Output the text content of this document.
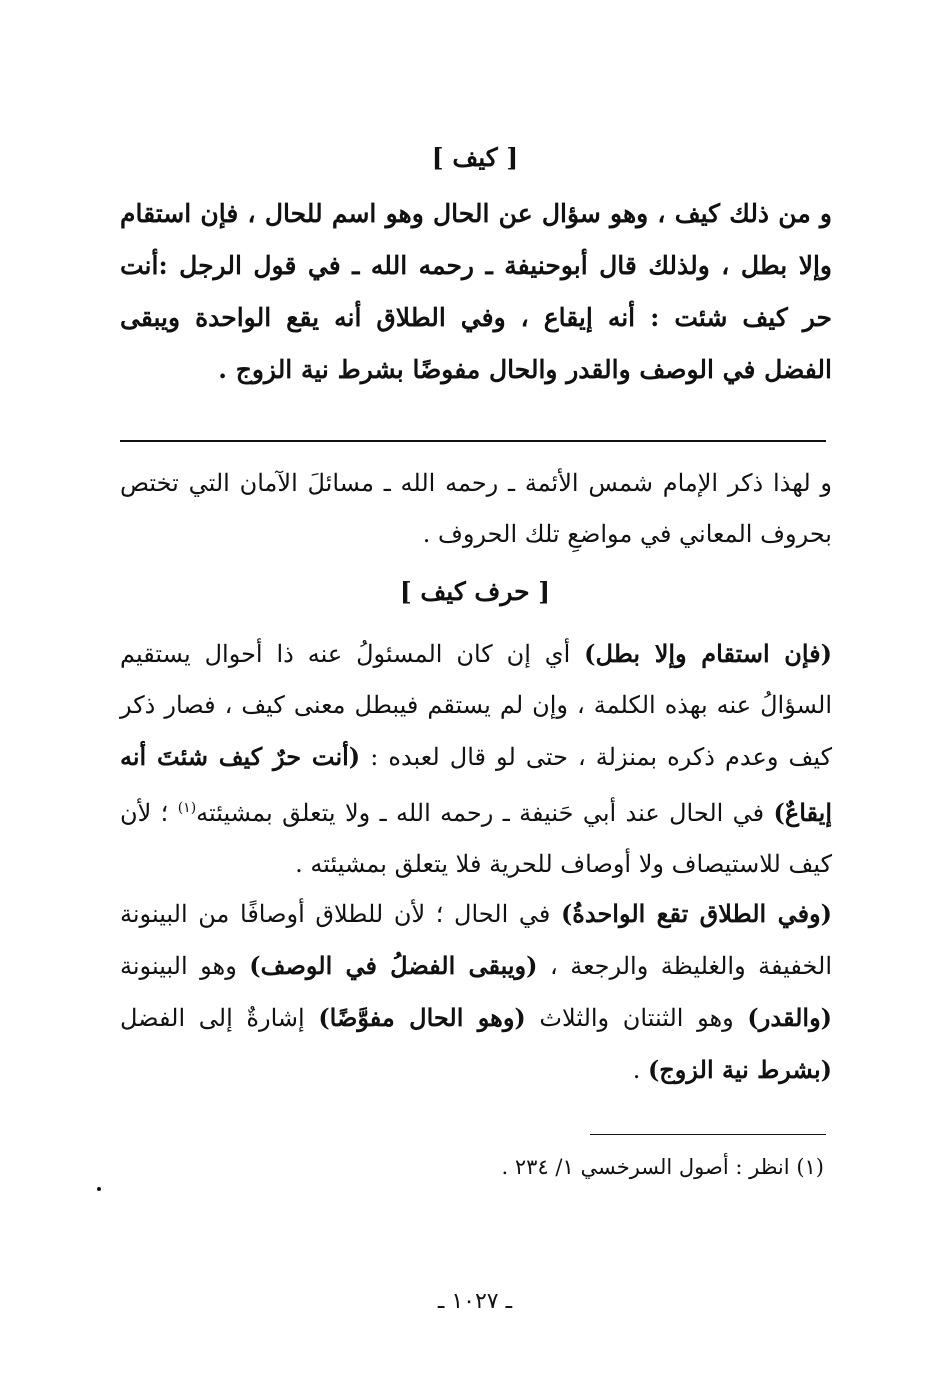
[ كيف ]
و من ذلك كيف ، وهو سؤال عن الحال وهو اسم للحال ، فإن استقام وإلا بطل ، ولذلك قال أبوحنيفة ـ رحمه الله ـ في قول الرجل :أنت حر كيف شئت : أنه إيقاع ، وفي الطلاق أنه يقع الواحدة ويبقى الفضل في الوصف والقدر والحال مفوضًا بشرط نية الزوج .

و لهذا ذكر الإمام شمس الأئمة ـ رحمه الله ـ مسائلَ الآمان التي تختص بحروف المعاني في مواضعِ تلك الحروف .

[ حرف كيف ]

(فإن استقام وإلا بطل) أي إن كان المسئولُ عنه ذا أحوال يستقيم السؤالُ عنه بهذه الكلمة ، وإن لم يستقم فيبطل معنى كيف ، فصار ذكر كيف وعدم ذكره بمنزلة ، حتى لو قال لعبده : (أنت حرٌ كيف شئتَ أنه إيقاعٌ) في الحال عند أبي حَنيفة ـ رحمه الله ـ ولا يتعلق بمشيئته$^{(١)}$ ؛ لأن كيف للاستيصاف ولا أوصاف للحرية فلا يتعلق بمشيئته .

(وفي الطلاق تقع الواحدةُ) في الحال ؛ لأن للطلاق أوصافًا من البينونة الخفيفة والغليظة والرجعة ، (ويبقى الفضلُ في الوصف) وهو البينونة (والقدر) وهو الثنتان والثلاث (وهو الحال مفوَّضًا) إشارةٌ إلى الفضل (بشرط نية الزوج) .

(١) انظر : أصول السرخسي ١/ ٢٣٤ .
ـ ١٠٢٧ ـ
